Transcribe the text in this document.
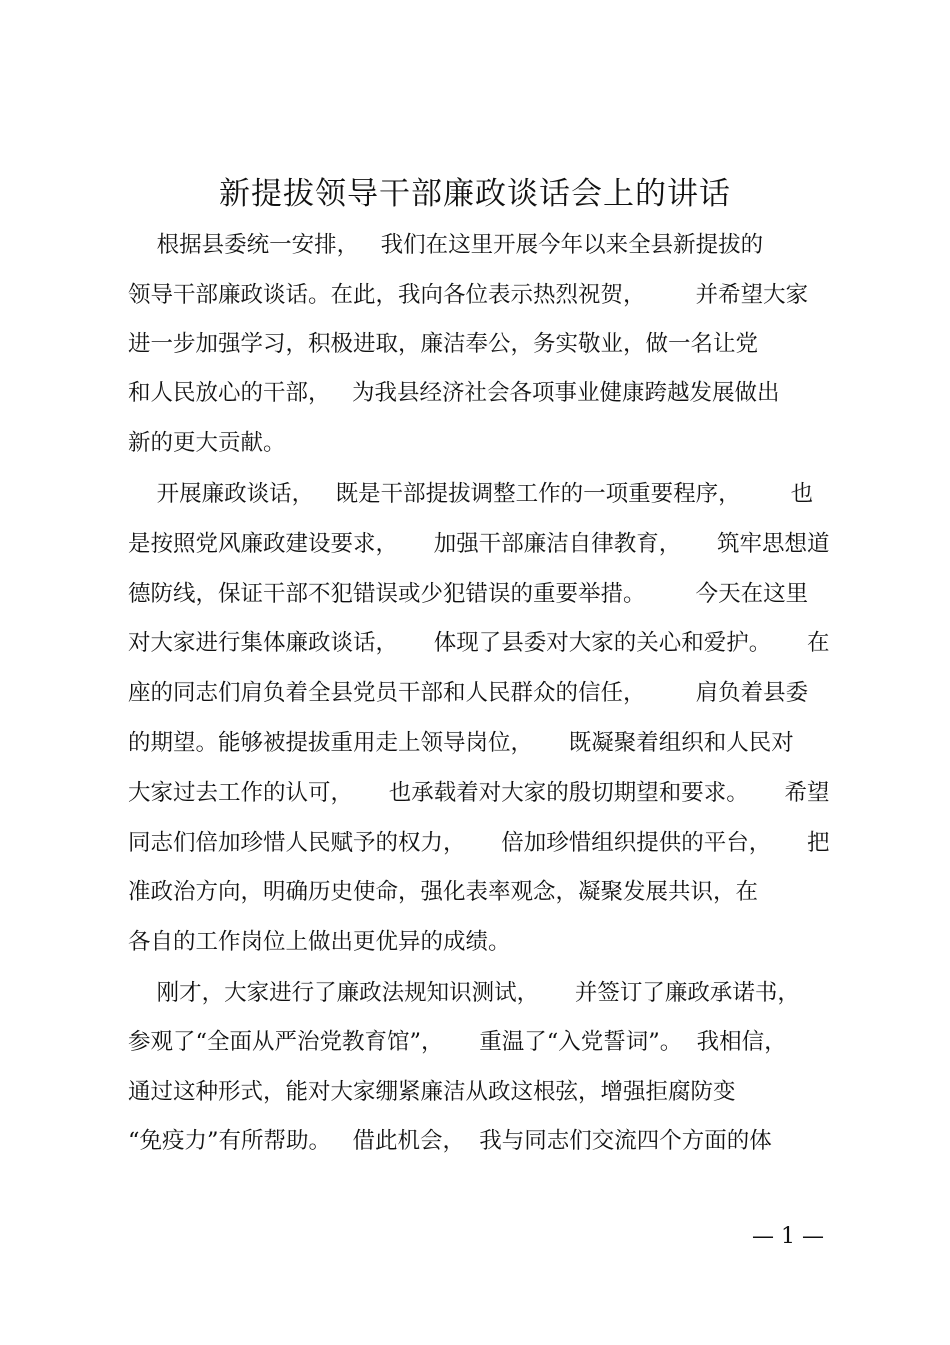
新提拔领导干部廉政谈话会上的讲话
根据县委统一安排，   我们在这里开展今年以来全县新提拔的
领导干部廉政谈话。在此，我向各位表示热烈祝贺，       并希望大家
进一步加强学习，积极进取，廉洁奉公，务实敬业，做一名让党
和人民放心的干部，   为我县经济社会各项事业健康跨越发展做出
新的更大贡献。
开展廉政谈话，   既是干部提拔调整工作的一项重要程序，       也
是按照党风廉政建设要求，     加强干部廉洁自律教育，     筑牢思想道
德防线，保证干部不犯错误或少犯错误的重要举措。       今天在这里
对大家进行集体廉政谈话，     体现了县委对大家的关心和爱护。     在
座的同志们肩负着全县党员干部和人民群众的信任，       肩负着县委
的期望。能够被提拔重用走上领导岗位，     既凝聚着组织和人民对
大家过去工作的认可，     也承载着对大家的殷切期望和要求。     希望
同志们倍加珍惜人民赋予的权力，     倍加珍惜组织提供的平台，     把
准政治方向，明确历史使命，强化表率观念，凝聚发展共识，在
各自的工作岗位上做出更优异的成绩。
刚才，大家进行了廉政法规知识测试，     并签订了廉政承诺书，
参观了“全面从严治党教育馆”，     重温了“入党誓词”。  我相信，
通过这种形式，能对大家绷紧廉洁从政这根弦，增强拒腐防变
“免疫力”有所帮助。   借此机会，  我与同志们交流四个方面的体
— 1 —
